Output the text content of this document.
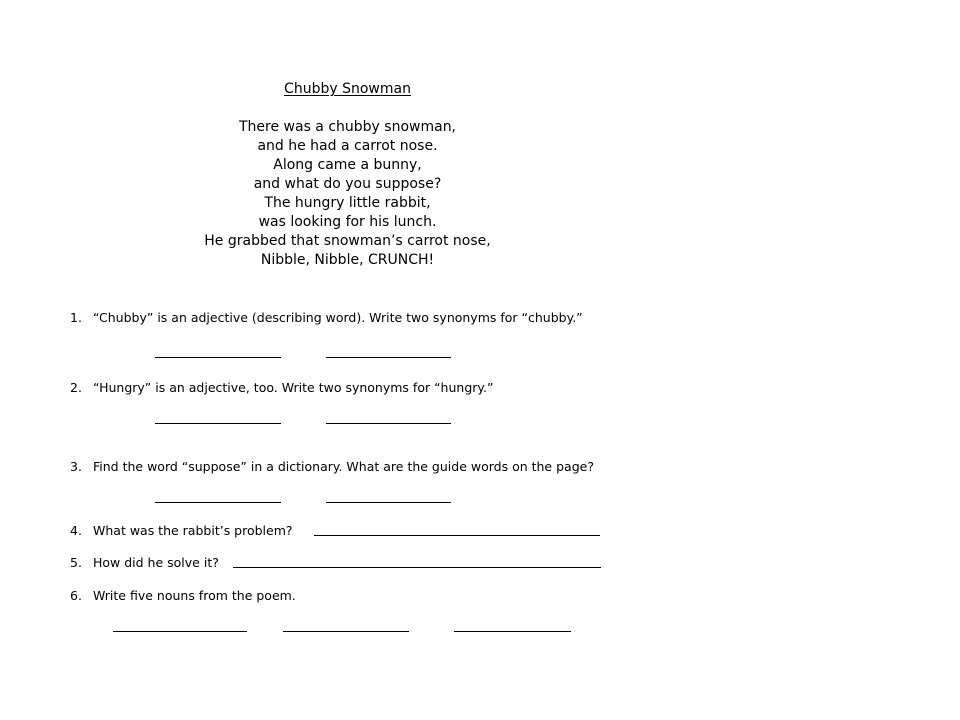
Chubby Snowman
There was a chubby snowman,
and he had a carrot nose.
Along came a bunny,
and what do you suppose?
The hungry little rabbit,
was looking for his lunch.
He grabbed that snowman’s carrot nose,
Nibble, Nibble, CRUNCH!
1. “Chubby” is an adjective (describing word). Write two synonyms for “chubby.”
2. “Hungry” is an adjective, too. Write two synonyms for “hungry.”
3. Find the word “suppose” in a dictionary. What are the guide words on the page?
4. What was the rabbit’s problem?
5. How did he solve it?
6. Write five nouns from the poem.
